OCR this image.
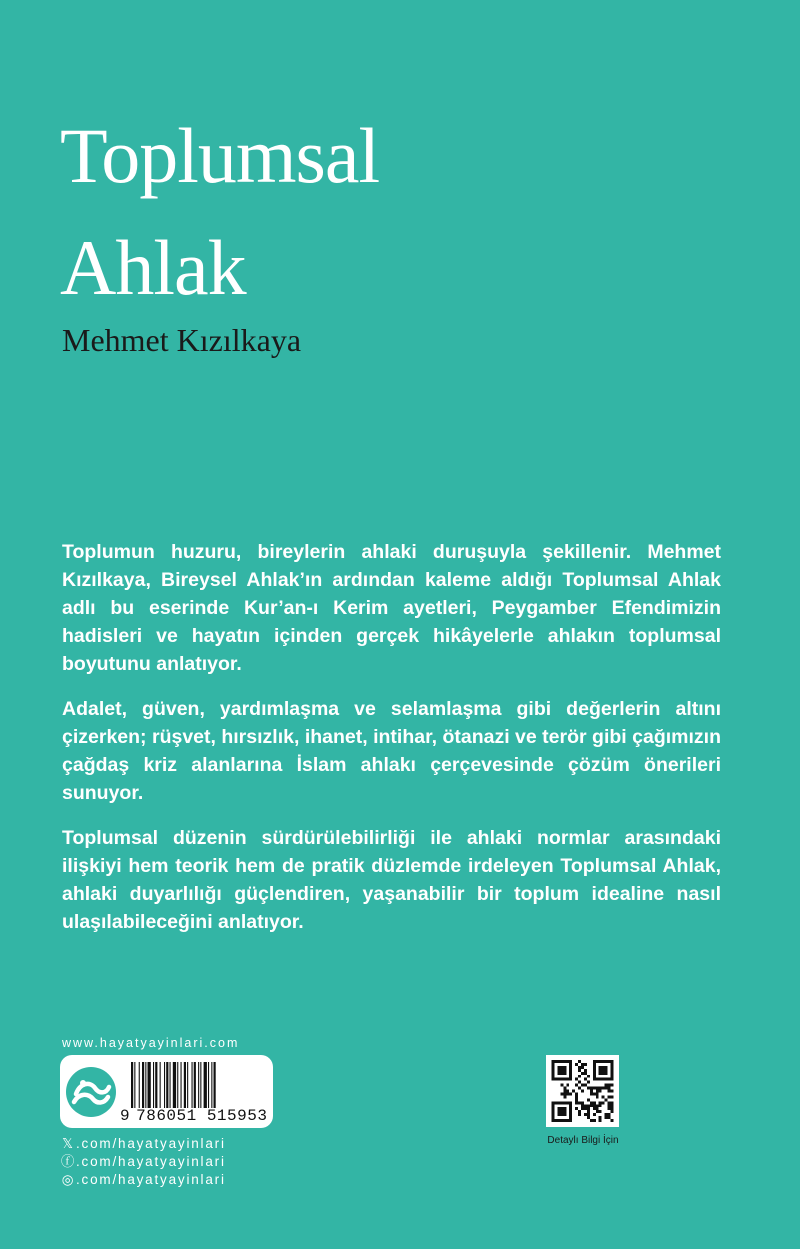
Toplumsal
Ahlak
Mehmet Kızılkaya

Toplumun huzuru, bireylerin ahlaki duruşuyla şekillenir. Mehmet Kızılkaya, Bireysel Ahlak’ın ardından kaleme aldığı Toplumsal Ahlak adlı bu eserinde Kur’an-ı Kerim ayetleri, Peygamber Efendimizin hadisleri ve hayatın içinden gerçek hikâyelerle ahlakın toplumsal boyutunu anlatıyor.

Adalet, güven, yardımlaşma ve selamlaşma gibi değerlerin altını çizerken; rüşvet, hırsızlık, ihanet, intihar, ötanazi ve terör gibi çağımızın çağdaş kriz alanlarına İslam ahlakı çerçevesinde çözüm önerileri sunuyor.

Toplumsal düzenin sürdürülebilirliği ile ahlaki normlar arasındaki ilişkiyi hem teorik hem de pratik düzlemde irdeleyen Toplumsal Ahlak, ahlaki duyarlılığı güçlendiren, yaşanabilir bir toplum idealine nasıl ulaşılabileceğini anlatıyor.

www.hayatyayinlari.com
9 786051 515953
𝕏 .com/hayatyayinlari
ⓕ .com/hayatyayinlari
◎ .com/hayatyayinlari
Detaylı Bilgi İçin
